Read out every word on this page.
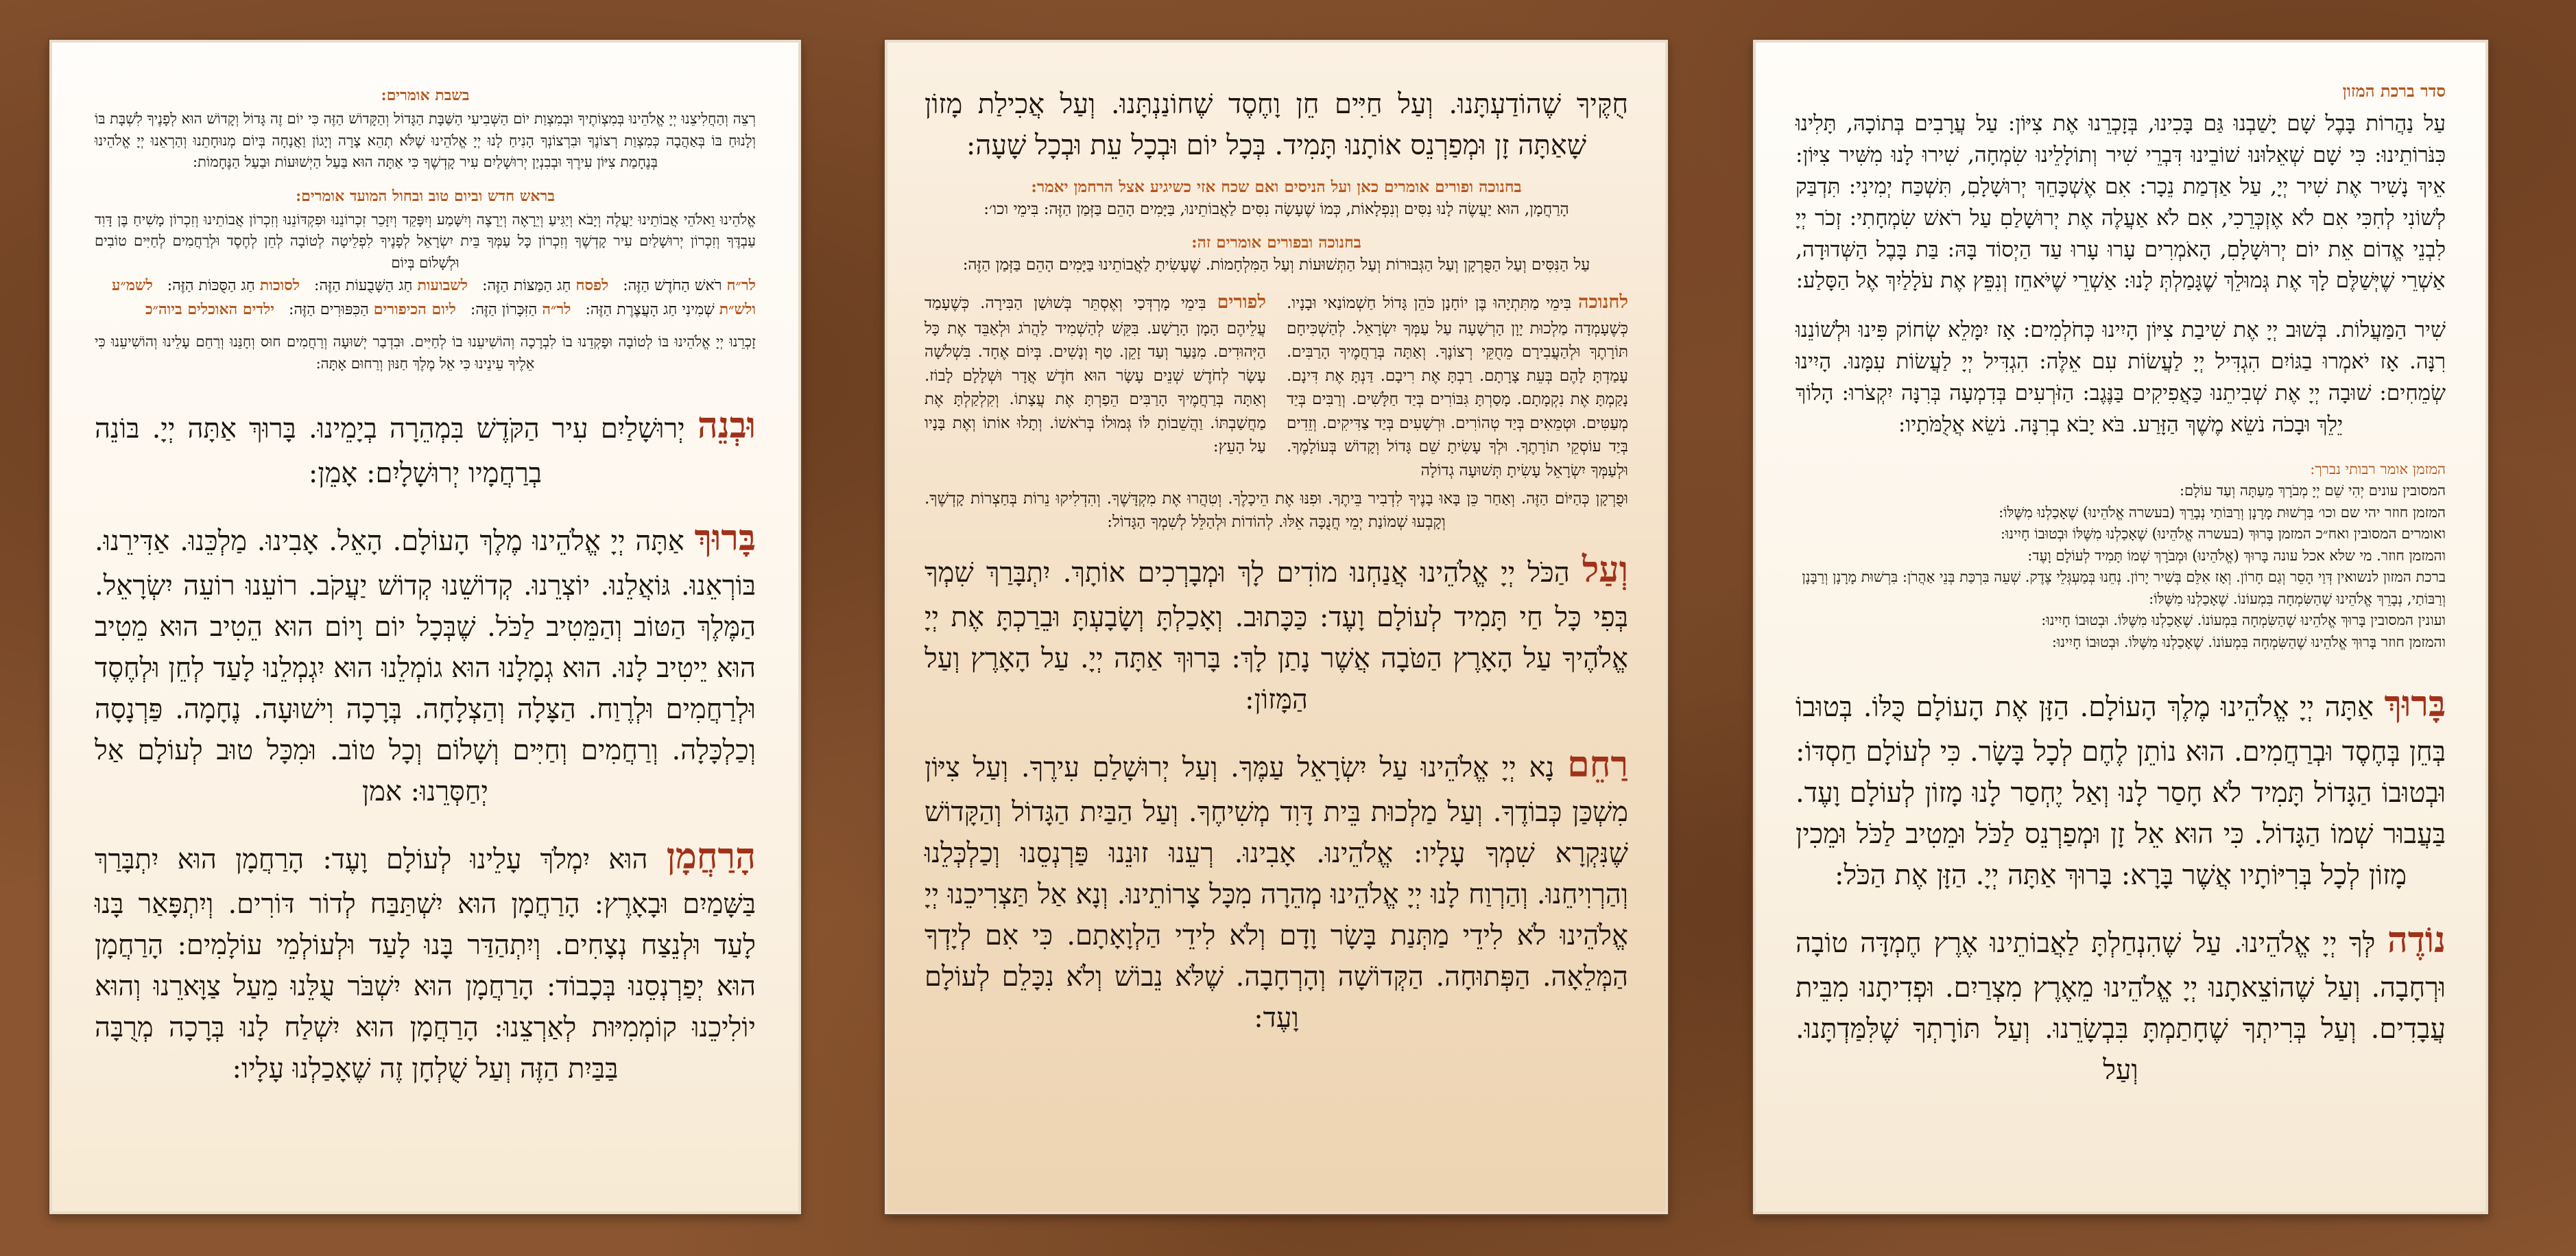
סדר ברכת המזון

עַל נַהֲרוֹת בָּבֶל שָׁם יָשַׁבְנוּ גַּם בָּכִינוּ, בְּזָכְרֵנוּ אֶת צִיּוֹן: עַל עֲרָבִים בְּתוֹכָהּ, תָּלִינוּ כִּנֹּרוֹתֵינוּ: כִּי שָׁם שְׁאֵלוּנוּ שׁוֹבֵינוּ דִּבְרֵי שִׁיר וְתוֹלָלֵינוּ שִׂמְחָה, שִׁירוּ לָנוּ מִשִּׁיר צִיּוֹן: אֵיךְ נָשִׁיר אֶת שִׁיר יְיָ, עַל אַדְמַת נֵכָר: אִם אֶשְׁכָּחֵךְ יְרוּשָׁלָםִ, תִּשְׁכַּח יְמִינִי: תִּדְבַּק לְשׁוֹנִי לְחִכִּי אִם לֹא אֶזְכְּרֵכִי, אִם לֹא אַעֲלֶה אֶת יְרוּשָׁלַםִ עַל רֹאשׁ שִׂמְחָתִי: זְכֹר יְיָ לִבְנֵי אֱדוֹם אֵת יוֹם יְרוּשָׁלָםִ, הָאֹמְרִים עָרוּ עָרוּ עַד הַיְסוֹד בָּהּ: בַּת בָּבֶל הַשְּׁדוּדָה, אַשְׁרֵי שֶׁיְּשַׁלֶּם לָךְ אֶת גְּמוּלֵךְ שֶׁגָּמַלְתְּ לָנוּ: אַשְׁרֵי שֶׁיֹּאחֵז וְנִפֵּץ אֶת עֹלָלַיִךְ אֶל הַסָּלַע:

שִׁיר הַמַּעֲלוֹת. בְּשׁוּב יְיָ אֶת שִׁיבַת צִיּוֹן הָיִינוּ כְּחֹלְמִים: אָז יִמָּלֵא שְׂחוֹק פִּינוּ וּלְשׁוֹנֵנוּ רִנָּה. אָז יֹאמְרוּ בַגּוֹיִם הִגְדִּיל יְיָ לַעֲשׂוֹת עִם אֵלֶּה: הִגְדִּיל יְיָ לַעֲשׂוֹת עִמָּנוּ. הָיִינוּ שְׂמֵחִים: שׁוּבָה יְיָ אֶת שְׁבִיתֵנוּ כַּאֲפִיקִים בַּנֶּגֶב: הַזֹּרְעִים בְּדִמְעָה בְּרִנָּה יִקְצֹרוּ: הָלוֹךְ יֵלֵךְ וּבָכֹה נֹשֵׂא מֶשֶׁךְ הַזָּרַע. בֹּא יָבֹא בְרִנָּה. נֹשֵׂא אֲלֻמֹּתָיו:

המזמן אומר רבותי נברך:
המסובין עונים יְהִי שֵׁם יְיָ מְבֹרָךְ מֵעַתָּה וְעַד עוֹלָם:
המזמן חוזר יהי שם וכו׳ בִּרְשׁוּת מָרָנָן וְרַבּוֹתַי נְבָרֵךְ (בעשרה אֱלֹהֵינוּ) שֶׁאָכַלְנוּ מִשֶּׁלּוֹ:
ואומרים המסובין ואח״כ המזמן בָּרוּךְ (בעשרה אֱלֹהֵינוּ) שֶׁאָכַלְנוּ מִשֶּׁלּוֹ וּבְטוּבוֹ חָיִינוּ:
והמזמן חוזר. מי שלא אכל עונה בָּרוּךְ (אֱלֹהֵינוּ) וּמְבֹרָךְ שְׁמוֹ תָּמִיד לְעוֹלָם וָעֶד:
ברכת המזון לנשואין דְּוַי הָסֵר וְגַם חָרוֹן. וְאָז אִלֵּם בְּשִׁיר יָרוֹן. נְחֵנוּ בְּמַעְגְּלֵי צֶדֶק. שְׁעֵה בִּרְכַּת בְּנֵי אַהֲרֹן: בִּרְשׁוּת מָרָנָן וְרַבָּנָן וְרַבּוֹתַי, נְבָרֵךְ אֱלֹהֵינוּ שֶׁהַשִּׂמְחָה בִּמְעוֹנוֹ. שֶׁאָכַלְנוּ מִשֶּׁלּוֹ:
ועונין המסובין בָּרוּךְ אֱלֹהֵינוּ שֶׁהַשִּׂמְחָה בִּמְעוֹנוֹ. שֶׁאָכַלְנוּ מִשֶּׁלּוֹ. וּבְטוּבוֹ חָיִינוּ:
והמזמן חוזר בָּרוּךְ אֱלֹהֵינוּ שֶׁהַשִּׂמְחָה בִּמְעוֹנוֹ. שֶׁאָכַלְנוּ מִשֶּׁלּוֹ. וּבְטוּבוֹ חָיִינוּ:

בָּרוּךְ אַתָּה יְיָ אֱלֹהֵינוּ מֶלֶךְ הָעוֹלָם. הַזָּן אֶת הָעוֹלָם כֻּלּוֹ. בְּטוּבוֹ בְּחֵן בְּחֶסֶד וּבְרַחֲמִים. הוּא נוֹתֵן לֶחֶם לְכָל בָּשָׂר. כִּי לְעוֹלָם חַסְדּוֹ: וּבְטוּבוֹ הַגָּדוֹל תָּמִיד לֹא חָסַר לָנוּ וְאַל יֶחְסַר לָנוּ מָזוֹן לְעוֹלָם וָעֶד. בַּעֲבוּר שְׁמוֹ הַגָּדוֹל. כִּי הוּא אֵל זָן וּמְפַרְנֵס לַכֹּל וּמֵטִיב לַכֹּל וּמֵכִין מָזוֹן לְכָל בְּרִיּוֹתָיו אֲשֶׁר בָּרָא: בָּרוּךְ אַתָּה יְיָ. הַזָּן אֶת הַכֹּל:

נוֹדֶה לְּךָ יְיָ אֱלֹהֵינוּ. עַל שֶׁהִנְחַלְתָּ לַאֲבוֹתֵינוּ אֶרֶץ חֶמְדָּה טוֹבָה וּרְחָבָה. וְעַל שֶׁהוֹצֵאתָנוּ יְיָ אֱלֹהֵינוּ מֵאֶרֶץ מִצְרַיִם. וּפְדִיתָנוּ מִבֵּית עֲבָדִים. וְעַל בְּרִיתְךָ שֶׁחָתַמְתָּ בִּבְשָׂרֵנוּ. וְעַל תּוֹרָתְךָ שֶׁלִּמַּדְתָּנוּ. וְעַל

חֻקֶּיךָ שֶׁהוֹדַעְתָּנוּ. וְעַל חַיִּים חֵן וָחֶסֶד שֶׁחוֹנַנְתָּנוּ. וְעַל אֲכִילַת מָזוֹן שָׁאַתָּה זָן וּמְפַרְנֵס אוֹתָנוּ תָּמִיד. בְּכָל יוֹם וּבְכָל עֵת וּבְכָל שָׁעָה:

בחנוכה ופורים אומרים כאן ועל הניסים ואם שכח אזי כשיגיע אצל הרחמן יאמר:

הָרַחֲמָן, הוּא יַעֲשֶׂה לָנוּ נִסִּים וְנִפְלָאוֹת, כְּמוֹ שֶׁעָשָׂה נִסִּים לַאֲבוֹתֵינוּ, בַּיָּמִים הָהֵם בַּזְּמַן הַזֶּה: בִּימֵי וכו׳:

בחנוכה ובפורים אומרים זה:

עַל הַנִּסִּים וְעַל הַפֻּרְקָן וְעַל הַגְּבוּרוֹת וְעַל הַתְּשׁוּעוֹת וְעַל הַמִּלְחָמוֹת. שֶׁעָשִׂיתָ לַאֲבוֹתֵינוּ בַּיָּמִים הָהֵם בַּזְּמַן הַזֶּה:

לחנוכה בִּימֵי מַתִּתְיָהוּ בֶּן יוֹחָנָן כֹּהֵן גָּדוֹל חַשְׁמוֹנַאי וּבָנָיו. כְּשֶׁעָמְדָה מַלְכוּת יָוָן הָרְשָׁעָה עַל עַמְּךָ יִשְׂרָאֵל. לְהַשְׁכִּיחָם תּוֹרָתֶךָ וּלְהַעֲבִירָם מֵחֻקֵּי רְצוֹנֶךָ. וְאַתָּה בְּרַחֲמֶיךָ הָרַבִּים. עָמַדְתָּ לָהֶם בְּעֵת צָרָתָם. רַבְתָּ אֶת רִיבָם. דַּנְתָּ אֶת דִּינָם. נָקַמְתָּ אֶת נִקְמָתָם. מָסַרְתָּ גִּבּוֹרִים בְּיַד חַלָּשִׁים. וְרַבִּים בְּיַד מְעַטִּים. וּטְמֵאִים בְּיַד טְהוֹרִים. וּרְשָׁעִים בְּיַד צַדִּיקִים. וְזֵדִים בְּיַד עוֹסְקֵי תוֹרָתֶךָ. וּלְךָ עָשִׂיתָ שֵׁם גָּדוֹל וְקָדוֹשׁ בְּעוֹלָמֶךָ. וּלְעַמְּךָ יִשְׂרָאֵל עָשִׂיתָ תְּשׁוּעָה גְדוֹלָה
לפורים בִּימֵי מָרְדְּכַי וְאֶסְתֵּר בְּשׁוּשַׁן הַבִּירָה. כְּשֶׁעָמַד עֲלֵיהֶם הָמָן הָרָשָׁע. בִּקֵּשׁ לְהַשְׁמִיד לַהֲרֹג וּלְאַבֵּד אֶת כָּל הַיְּהוּדִים. מִנַּעַר וְעַד זָקֵן. טַף וְנָשִׁים. בְּיוֹם אֶחָד. בִּשְׁלֹשָׁה עָשָׂר לְחֹדֶשׁ שְׁנֵים עָשָׂר הוּא חֹדֶשׁ אֲדָר וּשְׁלָלָם לָבוֹז. וְאַתָּה בְּרַחֲמֶיךָ הָרַבִּים הֵפַרְתָּ אֶת עֲצָתוֹ. וְקִלְקַלְתָּ אֶת מַחֲשַׁבְתּוֹ. וַהֲשֵׁבוֹתָ לּוֹ גְּמוּלוֹ בְּרֹאשׁוֹ. וְתָלוּ אוֹתוֹ וְאֶת בָּנָיו עַל הָעֵץ:

וּפֻרְקָן כְּהַיּוֹם הַזֶּה. וְאַחַר כֵּן בָּאוּ בָנֶיךָ לִדְבִיר בֵּיתֶךָ. וּפִנּוּ אֶת הֵיכָלֶךָ. וְטִהֲרוּ אֶת מִקְדָּשֶׁךָ. וְהִדְלִיקוּ נֵרוֹת בְּחַצְרוֹת קָדְשֶׁךָ. וְקָבְעוּ שְׁמוֹנַת יְמֵי חֲנֻכָּה אֵלּוּ. לְהוֹדוֹת וּלְהַלֵּל לְשִׁמְךָ הַגָּדוֹל:

וְעַל הַכֹּל יְיָ אֱלֹהֵינוּ אֲנַחְנוּ מוֹדִים לָךְ וּמְבָרְכִים אוֹתָךְ. יִתְבָּרַךְ שִׁמְךָ בְּפִי כָּל חַי תָּמִיד לְעוֹלָם וָעֶד: כַּכָּתוּב. וְאָכַלְתָּ וְשָׂבָעְתָּ וּבֵרַכְתָּ אֶת יְיָ אֱלֹהֶיךָ עַל הָאָרֶץ הַטֹּבָה אֲשֶׁר נָתַן לָךְ: בָּרוּךְ אַתָּה יְיָ. עַל הָאָרֶץ וְעַל הַמָּזוֹן:

רַחֵם נָא יְיָ אֱלֹהֵינוּ עַל יִשְׂרָאֵל עַמֶּךָ. וְעַל יְרוּשָׁלַםִ עִירֶךָ. וְעַל צִיּוֹן מִשְׁכַּן כְּבוֹדֶךָ. וְעַל מַלְכוּת בֵּית דָּוִד מְשִׁיחֶךָ. וְעַל הַבַּיִת הַגָּדוֹל וְהַקָּדוֹשׁ שֶׁנִּקְרָא שִׁמְךָ עָלָיו: אֱלֹהֵינוּ. אָבִינוּ. רְעֵנוּ זוּנֵנוּ פַּרְנְסֵנוּ וְכַלְכְּלֵנוּ וְהַרְוִיחֵנוּ. וְהַרְוַח לָנוּ יְיָ אֱלֹהֵינוּ מְהֵרָה מִכָּל צָרוֹתֵינוּ. וְנָא אַל תַּצְרִיכֵנוּ יְיָ אֱלֹהֵינוּ לֹא לִידֵי מַתְּנַת בָּשָׂר וָדָם וְלֹא לִידֵי הַלְוָאָתָם. כִּי אִם לְיָדְךָ הַמְּלֵאָה. הַפְּתוּחָה. הַקְּדוֹשָׁה וְהָרְחָבָה. שֶׁלֹּא נֵבוֹשׁ וְלֹא נִכָּלֵם לְעוֹלָם וָעֶד:

בשבת אומרים:

רְצֵה וְהַחֲלִיצֵנוּ יְיָ אֱלֹהֵינוּ בְּמִצְוֹתֶיךָ וּבְמִצְוַת יוֹם הַשְּׁבִיעִי הַשַּׁבָּת הַגָּדוֹל וְהַקָּדוֹשׁ הַזֶּה כִּי יוֹם זֶה גָּדוֹל וְקָדוֹשׁ הוּא לְפָנֶיךָ לִשְׁבָּת בּוֹ וְלָנוּחַ בּוֹ בְּאַהֲבָה כְּמִצְוַת רְצוֹנֶךָ וּבִרְצוֹנְךָ הָנִיחַ לָנוּ יְיָ אֱלֹהֵינוּ שֶׁלֹּא תְהֵא צָרָה וְיָגוֹן וַאֲנָחָה בְּיוֹם מְנוּחָתֵנוּ וְהַרְאֵנוּ יְיָ אֱלֹהֵינוּ בְּנֶחָמַת צִיּוֹן עִירֶךָ וּבְבִנְיַן יְרוּשָׁלַיִם עִיר קָדְשֶׁךָ כִּי אַתָּה הוּא בַּעַל הַיְשׁוּעוֹת וּבַעַל הַנֶּחָמוֹת:

בראש חדש וביום טוב ובחול המועד אומרים:

אֱלֹהֵינוּ וֵאלֹהֵי אֲבוֹתֵינוּ יַעֲלֶה וְיָבֹא וְיַגִּיעַ וְיֵרָאֶה וְיֵרָצֶה וְיִשָּׁמַע וְיִפָּקֵד וְיִזָּכֵר זִכְרוֹנֵנוּ וּפִקְדּוֹנֵנוּ וְזִכְרוֹן אֲבוֹתֵינוּ וְזִכְרוֹן מָשִׁיחַ בֶּן דָּוִד עַבְדֶּךָ וְזִכְרוֹן יְרוּשָׁלַיִם עִיר קָדְשֶׁךָ וְזִכְרוֹן כָּל עַמְּךָ בֵּית יִשְׂרָאֵל לְפָנֶיךָ לִפְלֵיטָה לְטוֹבָה לְחֵן לְחֶסֶד וּלְרַחֲמִים לְחַיִּים טוֹבִים וּלְשָׁלוֹם בְּיוֹם

לר״ח רֹאשׁ הַחֹדֶשׁ הַזֶּה:   לפסח חַג הַמַּצּוֹת הַזֶּה:   לשבועות חַג הַשָּׁבֻעוֹת הַזֶּה:   לסוכות חַג הַסֻּכּוֹת הַזֶּה:   לשמ״ע ולש״ת שְׁמִינִי חַג הָעֲצֶרֶת הַזֶּה:   לר״ה הַזִּכָּרוֹן הַזֶּה:   ליום הכיפורים הַכִּפּוּרִים הַזֶּה:   ילדים האוכלים ביוה״כ

זָכְרֵנוּ יְיָ אֱלֹהֵינוּ בּוֹ לְטוֹבָה וּפָקְדֵנוּ בוֹ לִבְרָכָה וְהוֹשִׁיעֵנוּ בוֹ לְחַיִּים. וּבִדְבַר יְשׁוּעָה וְרַחֲמִים חוּס וְחָנֵּנוּ וְרַחֵם עָלֵינוּ וְהוֹשִׁיעֵנוּ כִּי אֵלֶיךָ עֵינֵינוּ כִּי אֵל מֶלֶךְ חַנּוּן וְרַחוּם אָתָּה:

וּבְנֵה יְרוּשָׁלַיִם עִיר הַקֹּדֶשׁ בִּמְהֵרָה בְיָמֵינוּ. בָּרוּךְ אַתָּה יְיָ. בּוֹנֵה בְרַחֲמָיו יְרוּשָׁלָיִם: אָמֵן:

בָּרוּךְ אַתָּה יְיָ אֱלֹהֵינוּ מֶלֶךְ הָעוֹלָם. הָאֵל. אָבִינוּ. מַלְכֵּנוּ. אַדִּירֵנוּ. בּוֹרְאֵנוּ. גּוֹאֲלֵנוּ. יוֹצְרֵנוּ. קְדוֹשֵׁנוּ קְדוֹשׁ יַעֲקֹב. רוֹעֵנוּ רוֹעֵה יִשְׂרָאֵל. הַמֶּלֶךְ הַטּוֹב וְהַמֵּטִיב לַכֹּל. שֶׁבְּכָל יוֹם וָיוֹם הוּא הֵטִיב הוּא מֵטִיב הוּא יֵיטִיב לָנוּ. הוּא גְמָלָנוּ הוּא גוֹמְלֵנוּ הוּא יִגְמְלֵנוּ לָעַד לְחֵן וּלְחֶסֶד וּלְרַחֲמִים וּלְרֶוַח. הַצָּלָה וְהַצְלָחָה. בְּרָכָה וִישׁוּעָה. נֶחָמָה. פַּרְנָסָה וְכַלְכָּלָה. וְרַחֲמִים וְחַיִּים וְשָׁלוֹם וְכָל טוֹב. וּמִכָּל טוּב לְעוֹלָם אַל יְחַסְּרֵנוּ: אמן

הָרַחֲמָן הוּא יִמְלֹךְ עָלֵינוּ לְעוֹלָם וָעֶד: הָרַחֲמָן הוּא יִתְבָּרַךְ בַּשָּׁמַיִם וּבָאָרֶץ: הָרַחֲמָן הוּא יִשְׁתַּבַּח לְדוֹר דּוֹרִים. וְיִתְפָּאַר בָּנוּ לָעַד וּלְנֵצַח נְצָחִים. וְיִתְהַדַּר בָּנוּ לָעַד וּלְעוֹלְמֵי עוֹלָמִים: הָרַחֲמָן הוּא יְפַרְנְסֵנוּ בְּכָבוֹד: הָרַחֲמָן הוּא יִשְׁבֹּר עֻלֵּנוּ מֵעַל צַוָּארֵנוּ וְהוּא יוֹלִיכֵנוּ קוֹמְמִיּוּת לְאַרְצֵנוּ: הָרַחֲמָן הוּא יִשְׁלַח לָנוּ בְּרָכָה מְרֻבָּה בַּבַּיִת הַזֶּה וְעַל שֻׁלְחָן זֶה שֶׁאָכַלְנוּ עָלָיו:
